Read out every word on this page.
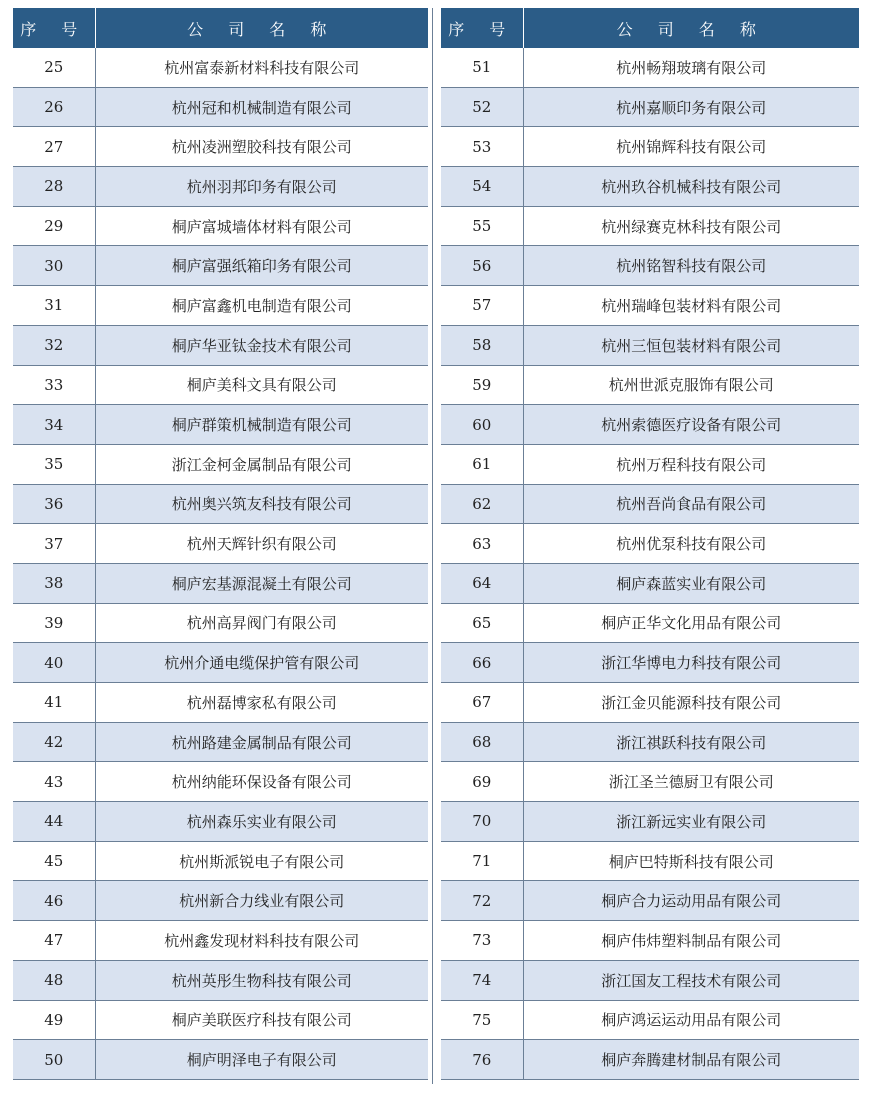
序 号	公 司 名 称
25	杭州富泰新材料科技有限公司
26	杭州冠和机械制造有限公司
27	杭州凌洲塑胶科技有限公司
28	杭州羽邦印务有限公司
29	桐庐富城墙体材料有限公司
30	桐庐富强纸箱印务有限公司
31	桐庐富鑫机电制造有限公司
32	桐庐华亚钛金技术有限公司
33	桐庐美科文具有限公司
34	桐庐群策机械制造有限公司
35	浙江金柯金属制品有限公司
36	杭州奥兴筑友科技有限公司
37	杭州天辉针织有限公司
38	桐庐宏基源混凝土有限公司
39	杭州高昇阀门有限公司
40	杭州介通电缆保护管有限公司
41	杭州磊博家私有限公司
42	杭州路建金属制品有限公司
43	杭州纳能环保设备有限公司
44	杭州森乐实业有限公司
45	杭州斯派锐电子有限公司
46	杭州新合力线业有限公司
47	杭州鑫发现材料科技有限公司
48	杭州英彤生物科技有限公司
49	桐庐美联医疗科技有限公司
50	桐庐明泽电子有限公司
序 号	公 司 名 称
51	杭州畅翔玻璃有限公司
52	杭州嘉顺印务有限公司
53	杭州锦辉科技有限公司
54	杭州玖谷机械科技有限公司
55	杭州绿赛克林科技有限公司
56	杭州铭智科技有限公司
57	杭州瑞峰包装材料有限公司
58	杭州三恒包装材料有限公司
59	杭州世派克服饰有限公司
60	杭州索德医疗设备有限公司
61	杭州万程科技有限公司
62	杭州吾尚食品有限公司
63	杭州优泵科技有限公司
64	桐庐森蓝实业有限公司
65	桐庐正华文化用品有限公司
66	浙江华博电力科技有限公司
67	浙江金贝能源科技有限公司
68	浙江祺跃科技有限公司
69	浙江圣兰德厨卫有限公司
70	浙江新远实业有限公司
71	桐庐巴特斯科技有限公司
72	桐庐合力运动用品有限公司
73	桐庐伟炜塑料制品有限公司
74	浙江国友工程技术有限公司
75	桐庐鸿运运动用品有限公司
76	桐庐奔腾建材制品有限公司
